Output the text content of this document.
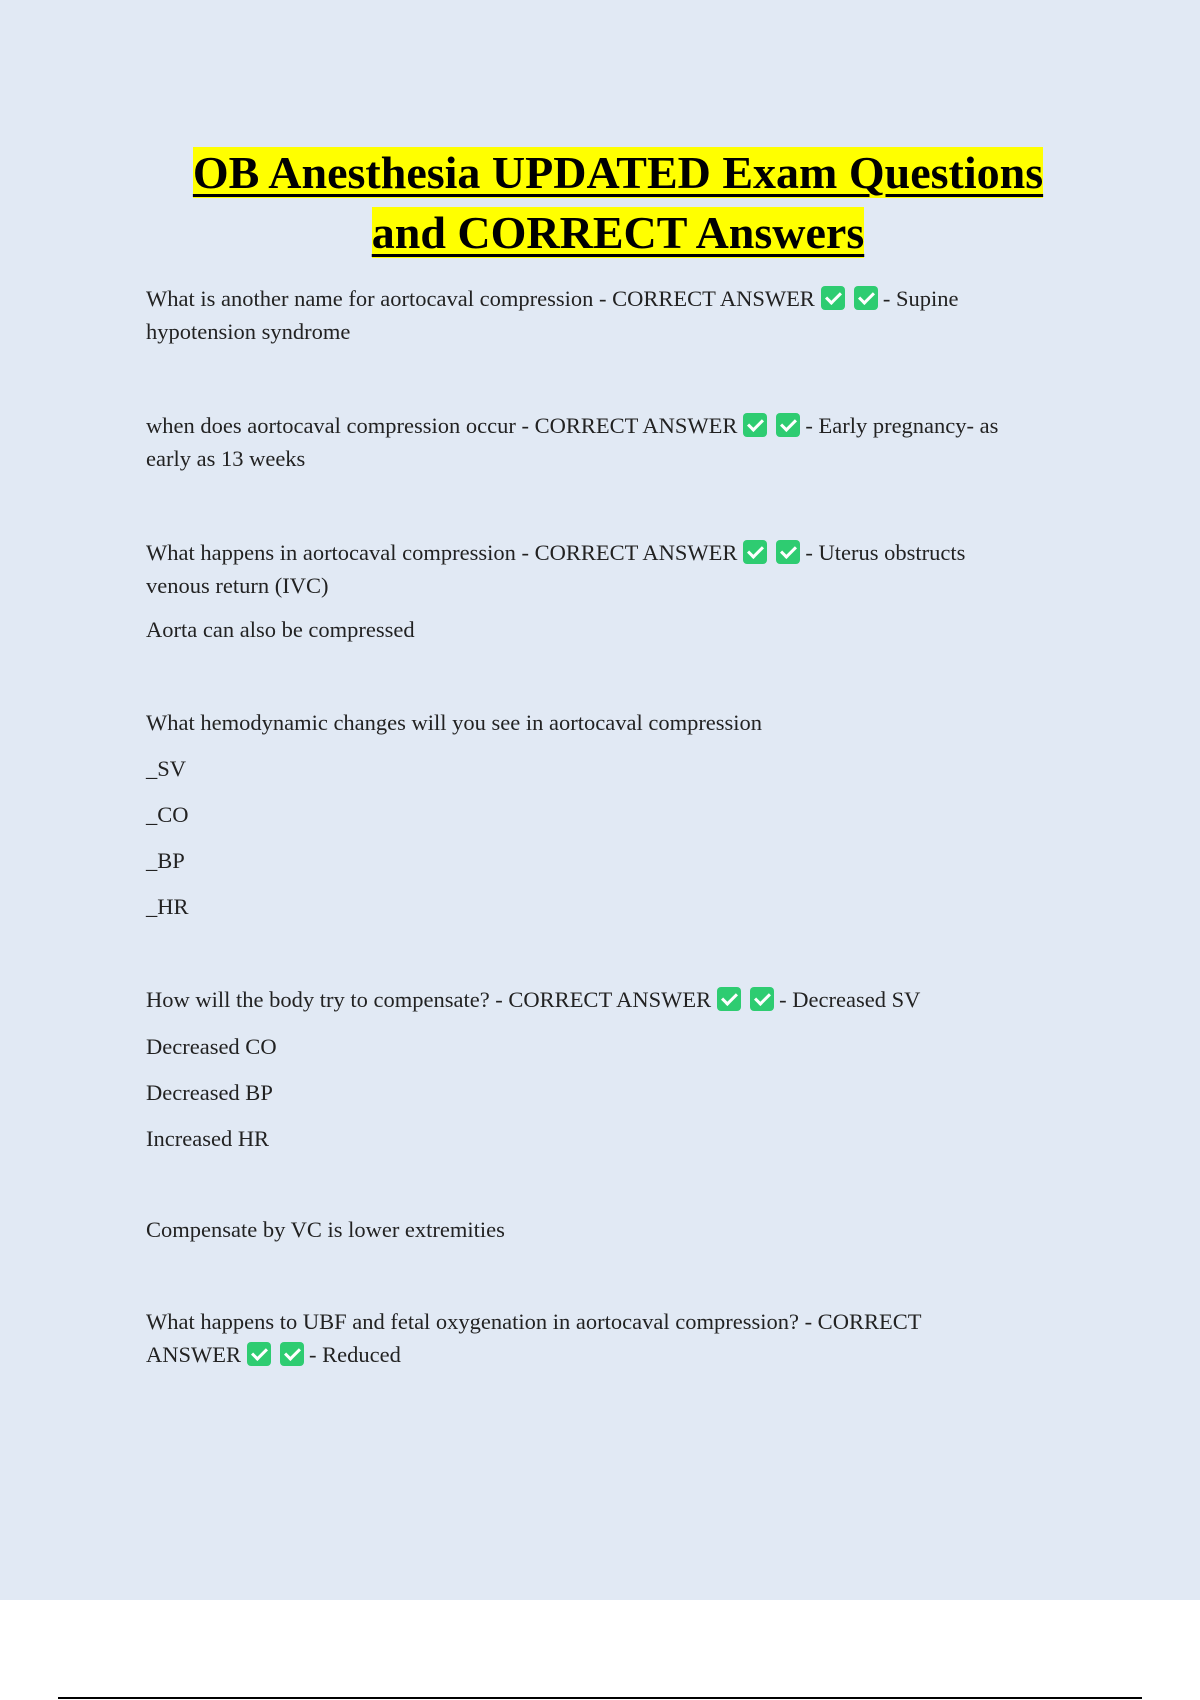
OB Anesthesia UPDATED Exam Questions
and CORRECT Answers

What is another name for aortocaval compression - CORRECT ANSWER	- Supine
hypotension syndrome

when does aortocaval compression occur - CORRECT ANSWER	- Early pregnancy- as
early as 13 weeks

What happens in aortocaval compression - CORRECT ANSWER	- Uterus obstructs
venous return (IVC)

Aorta can also be compressed

What hemodynamic changes will you see in aortocaval compression

_SV

_CO

_BP

_HR

How will the body try to compensate? - CORRECT ANSWER	- Decreased SV

Decreased CO

Decreased BP

Increased HR

Compensate by VC is lower extremities

What happens to UBF and fetal oxygenation in aortocaval compression? - CORRECT
ANSWER	- Reduced
